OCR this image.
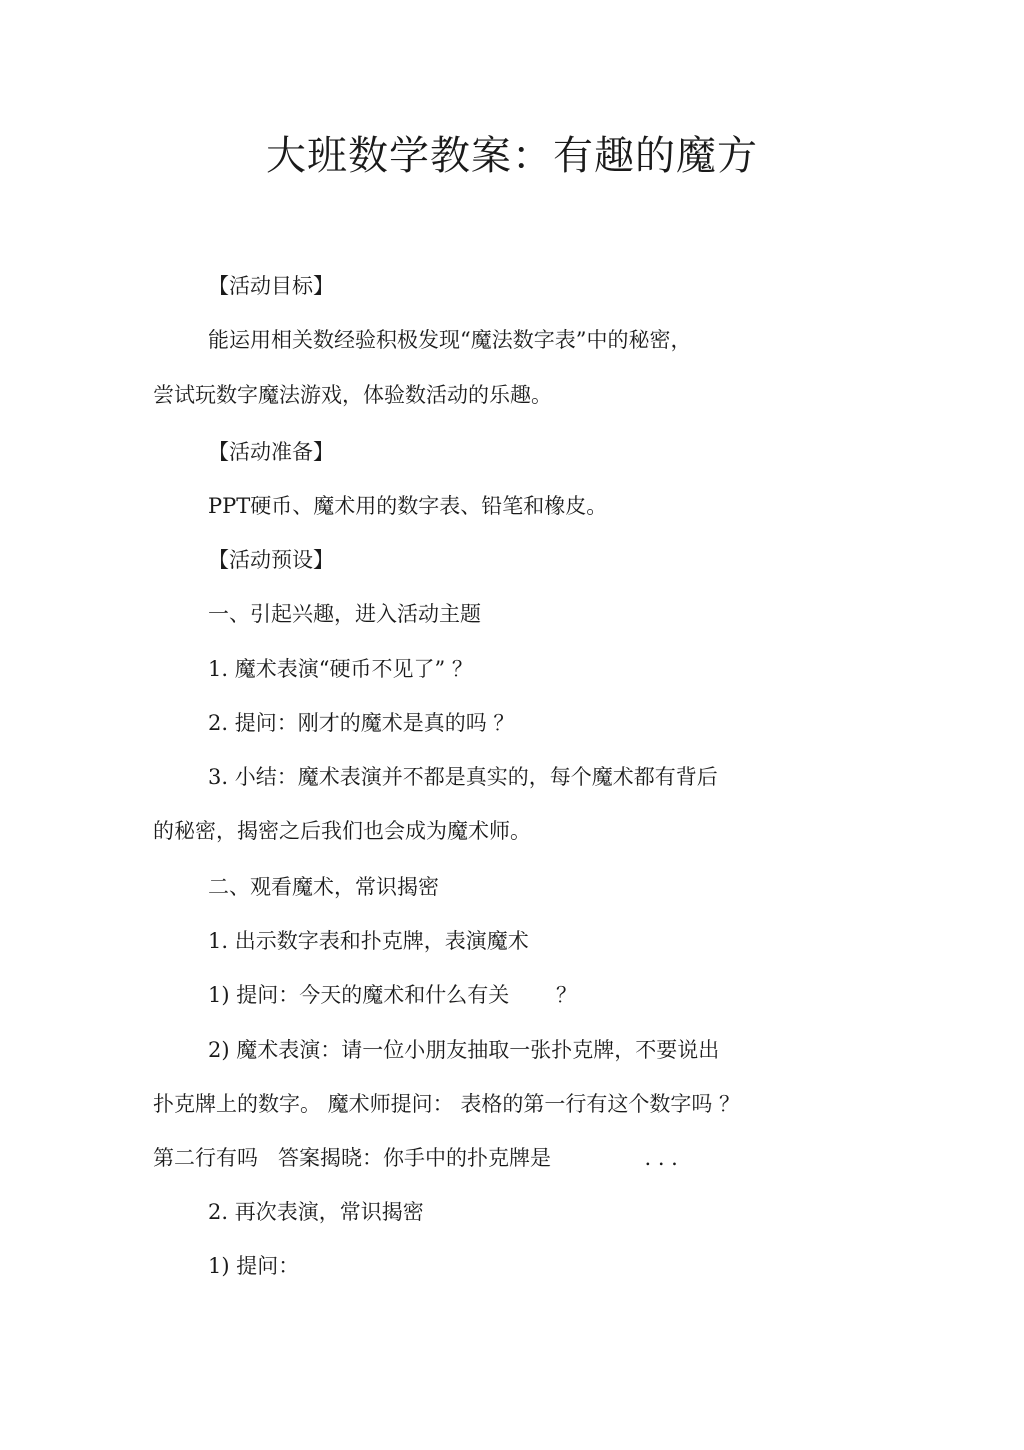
大班数学教案：有趣的魔方
【活动目标】
能运用相关数经验积极发现“魔法数字表”中的秘密，
尝试玩数字魔法游戏，体验数活动的乐趣。
【活动准备】
PPT硬币、魔术用的数字表、铅笔和橡皮。
【活动预设】
一、引起兴趣，进入活动主题
1. 魔术表演“硬币不见了” ？
2. 提问：刚才的魔术是真的吗 ？
3. 小结：魔术表演并不都是真实的，每个魔术都有背后
的秘密，揭密之后我们也会成为魔术师。
二、观看魔术，常识揭密
1. 出示数字表和扑克牌，表演魔术
1) 提问：今天的魔术和什么有关       ？
2) 魔术表演：请一位小朋友抽取一张扑克牌，不要说出
扑克牌上的数字。 魔术师提问： 表格的第一行有这个数字吗 ？
第二行有吗   答案揭晓：你手中的扑克牌是              . . .
2. 再次表演，常识揭密
1) 提问：
